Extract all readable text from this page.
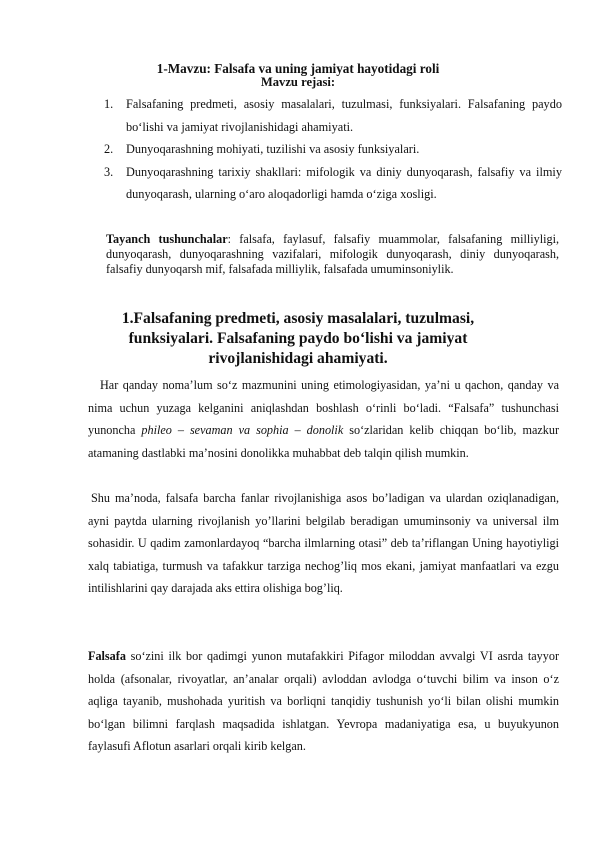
1-Mavzu: Falsafa va uning jamiyat hayotidagi roli
Mavzu rejasi:
1. Falsafaning predmeti, asosiy masalalari, tuzulmasi, funksiyalari. Falsafaning paydo bo‘lishi va jamiyat rivojlanishidagi ahamiyati.
2. Dunyoqarashning mohiyati, tuzilishi va asosiy funksiyalari.
3. Dunyoqarashning tarixiy shakllari: mifologik va diniy dunyoqarash, falsafiy va ilmiy dunyoqarash, ularning o‘aro aloqadorligi hamda o‘ziga xosligi.
Tayanch tushunchalar: falsafa, faylasuf, falsafiy muammolar, falsafaning milliyligi, dunyoqarash, dunyoqarashning vazifalari, mifologik dunyoqarash, diniy dunyoqarash, falsafiy dunyoqarsh mif, falsafada milliylik, falsafada umuminsoniylik.
1.Falsafaning predmeti, asosiy masalalari, tuzulmasi, funksiyalari. Falsafaning paydo bo‘lishi va jamiyat rivojlanishidagi ahamiyati.

Har qanday noma’lum so‘z mazmunini uning etimologiyasidan, ya’ni u qachon, qanday va nima uchun yuzaga kelganini aniqlashdan boshlash o‘rinli bo‘ladi. “Falsafa” tushunchasi yunoncha phileo – sevaman va sophia – donolik so‘zlaridan kelib chiqqan bo‘lib, mazkur atamaning dastlabki ma’nosini donolikka muhabbat deb talqin qilish mumkin.

Shu ma’noda, falsafa barcha fanlar rivojlanishiga asos bo’ladigan va ulardan oziqlanadigan, ayni paytda ularning rivojlanish yo’llarini belgilab beradigan umuminsoniy va universal ilm sohasidir. U qadim zamonlardayoq “barcha ilmlarning otasi” deb ta’riflangan Uning hayotiyligi xalq tabiatiga, turmush va tafakkur tarziga nechog’liq mos ekani, jamiyat manfaatlari va ezgu intilishlarini qay darajada aks ettira olishiga bog’liq.

Falsafa so‘zini ilk bor qadimgi yunon mutafakkiri Pifagor miloddan avvalgi VI asrda tayyor holda (afsonalar, rivoyatlar, an’analar orqali) avloddan avlodga o‘tuvchi bilim va inson o‘z aqliga tayanib, mushohada yuritish va borliqni tanqidiy tushunish yo‘li bilan olishi mumkin bo‘lgan bilimni farqlash maqsadida ishlatgan. Yevropa madaniyatiga esa, u buyukyunon faylasufi Aflotun asarlari orqali kirib kelgan.
